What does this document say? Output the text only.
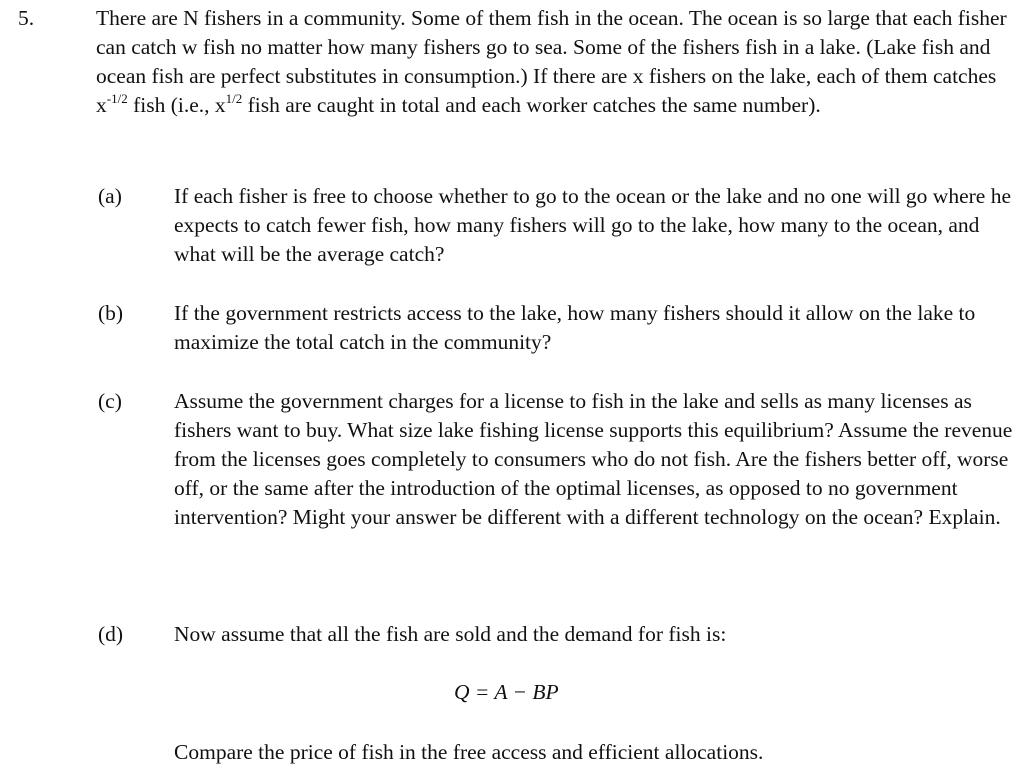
5.	There are N fishers in a community. Some of them fish in the ocean. The ocean is so large that each fisher can catch w fish no matter how many fishers go to sea. Some of the fishers fish in a lake. (Lake fish and ocean fish are perfect substitutes in consumption.) If there are x fishers on the lake, each of them catches $x^{-1/2}$ fish (i.e., $x^{1/2}$ fish are caught in total and each worker catches the same number).
(a) If each fisher is free to choose whether to go to the ocean or the lake and no one will go where he expects to catch fewer fish, how many fishers will go to the lake, how many to the ocean, and what will be the average catch?
(b) If the government restricts access to the lake, how many fishers should it allow on the lake to maximize the total catch in the community?
(c) Assume the government charges for a license to fish in the lake and sells as many licenses as fishers want to buy. What size lake fishing license supports this equilibrium? Assume the revenue from the licenses goes completely to consumers who do not fish. Are the fishers better off, worse off, or the same after the introduction of the optimal licenses, as opposed to no government intervention? Might your answer be different with a different technology on the ocean? Explain.
(d) Now assume that all the fish are sold and the demand for fish is:
Q = A − BP
Compare the price of fish in the free access and efficient allocations.
